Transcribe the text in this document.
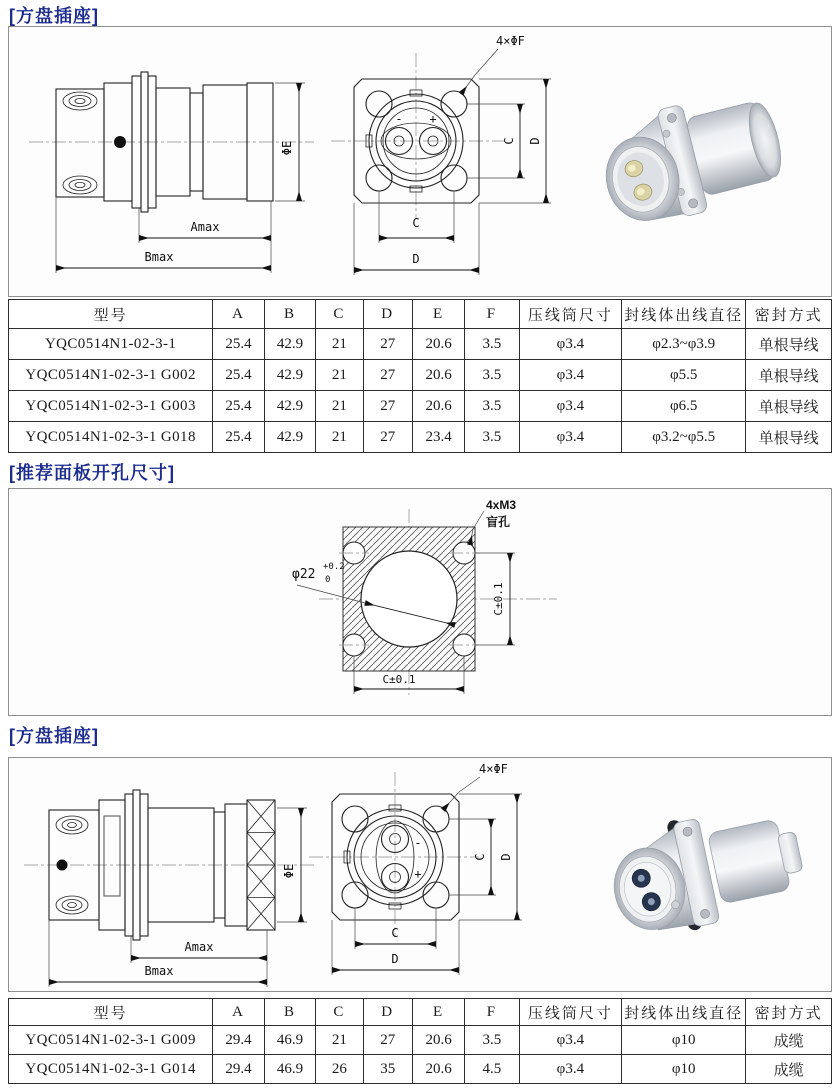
[方盘插座]
ΦE
Amax
Bmax
- +
4×ΦF
C D
C
D
型号	A	B	C	D	E	F	压线筒尺寸	封线体出线直径	密封方式
YQC0514N1-02-3-1	25.4	42.9	21	27	20.6	3.5	φ3.4	φ2.3~φ3.9	单根导线
YQC0514N1-02-3-1 G002	25.4	42.9	21	27	20.6	3.5	φ3.4	φ5.5	单根导线
YQC0514N1-02-3-1 G003	25.4	42.9	21	27	20.6	3.5	φ3.4	φ6.5	单根导线
YQC0514N1-02-3-1 G018	25.4	42.9	21	27	23.4	3.5	φ3.4	φ3.2~φ5.5	单根导线
[推荐面板开孔尺寸]
φ22 +0.2
0
4xM3
盲孔
C±0.1
C±0.1
[方盘插座]
ΦE
Amax
Bmax
-
+
4×ΦF
C D
C
D
型号	A	B	C	D	E	F	压线筒尺寸	封线体出线直径	密封方式
YQC0514N1-02-3-1 G009	29.4	46.9	21	27	20.6	3.5	φ3.4	φ10	成缆
YQC0514N1-02-3-1 G014	29.4	46.9	26	35	20.6	4.5	φ3.4	φ10	成缆
